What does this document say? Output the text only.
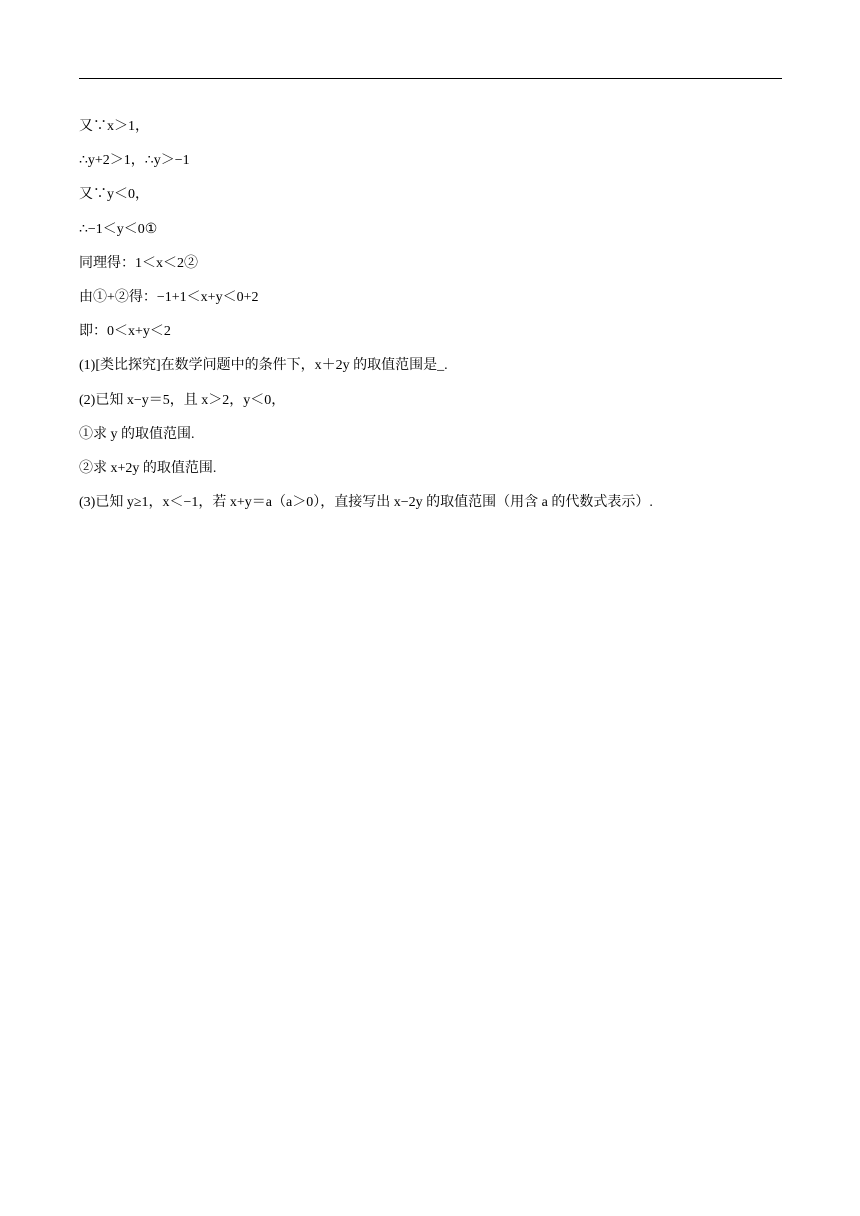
又∵x＞1，
∴y+2＞1，∴y＞−1
又∵y＜0，
∴−1＜y＜0①
同理得：1＜x＜2②
由①+②得：−1+1＜x+y＜0+2
即：0＜x+y＜2
(1)[类比探究]在数学问题中的条件下，x＋2y 的取值范围是_.
(2)已知 x−y＝5，且 x＞2，y＜0，
①求 y 的取值范围.
②求 x+2y 的取值范围.
(3)已知 y≥1，x＜−1，若 x+y＝a（a＞0），直接写出 x−2y 的取值范围（用含 a 的代数式表示）.
